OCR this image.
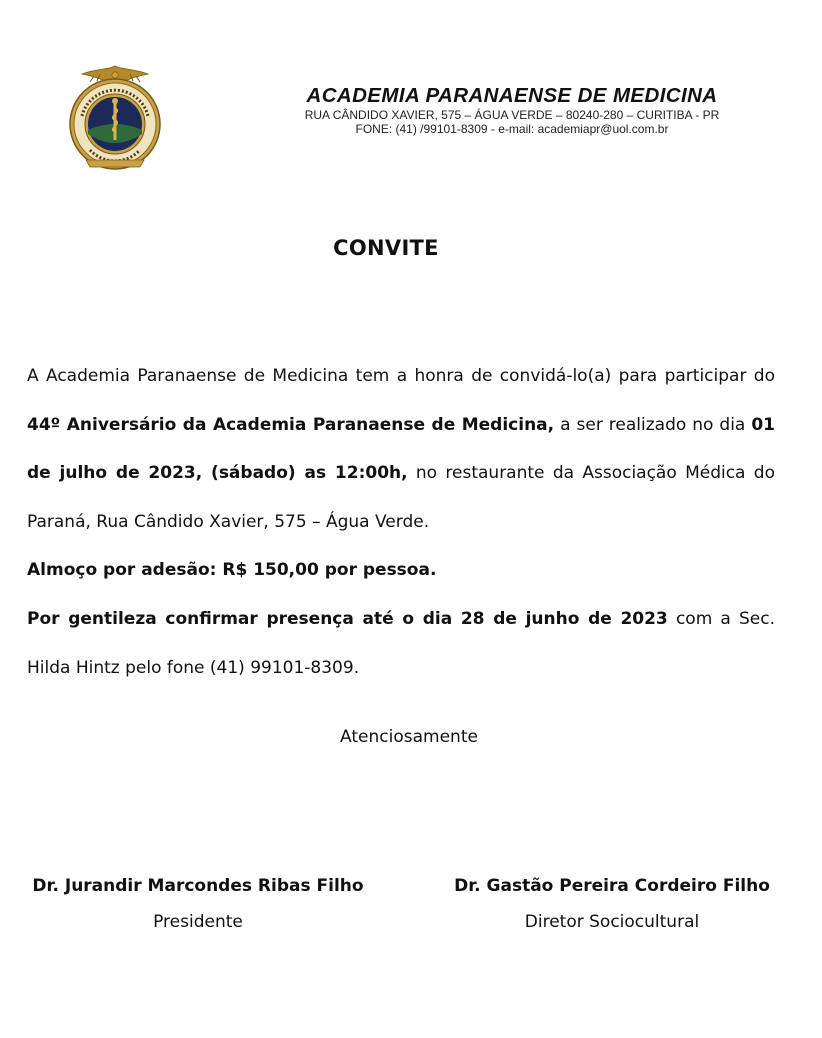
ACADEMIA PARANAENSE DE MEDICINA
RUA CÂNDIDO XAVIER, 575 – ÁGUA VERDE – 80240-280 – CURITIBA - PR
FONE: (41) /99101-8309 - e-mail: academiapr@uol.com.br
CONVITE

A Academia Paranaense de Medicina tem a honra de convidá-lo(a) para participar do 44º Aniversário da Academia Paranaense de Medicina, a ser realizado no dia 01 de julho de 2023, (sábado) as 12:00h, no restaurante da Associação Médica do Paraná, Rua Cândido Xavier, 575 – Água Verde.

Almoço por adesão: R$ 150,00 por pessoa.

Por gentileza confirmar presença até o dia 28 de junho de 2023 com a Sec. Hilda Hintz pelo fone (41) 99101-8309.

Atenciosamente
Dr. Jurandir Marcondes Ribas Filho
Presidente
Dr. Gastão Pereira Cordeiro Filho
Diretor Sociocultural
